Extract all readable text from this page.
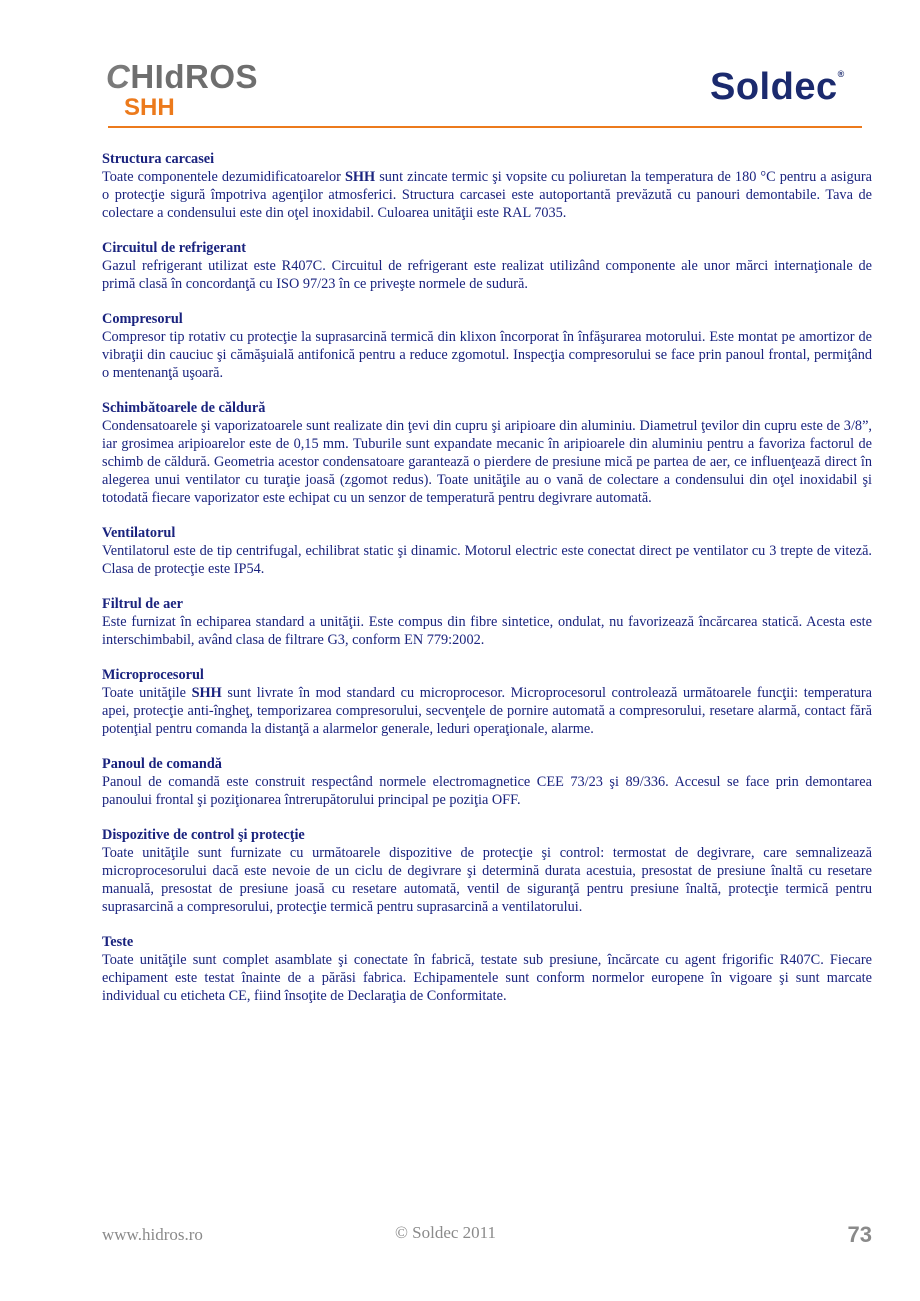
CHIdROS
SHH	Soldec®
Structura carcasei

Toate componentele dezumidificatoarelor SHH sunt zincate termic şi vopsite cu poliuretan la temperatura de 180 °C pentru a asigura o protecţie sigură împotriva agenţilor atmosferici. Structura carcasei este autoportantă prevăzută cu panouri demontabile. Tava de colectare a condensului este din oţel inoxidabil. Culoarea unităţii este RAL 7035.

Circuitul de refrigerant

Gazul refrigerant utilizat este R407C. Circuitul de refrigerant este realizat utilizând componente ale unor mărci internaţionale de primă clasă în concordanţă cu ISO 97/23 în ce priveşte normele de sudură.

Compresorul

Compresor tip rotativ cu protecţie la suprasarcină termică din klixon încorporat în înfăşurarea motorului. Este montat pe amortizor de vibraţii din cauciuc şi cămăşuială antifonică pentru a reduce zgomotul. Inspecţia compresorului se face prin panoul frontal, permiţând o mentenanţă uşoară.

Schimbătoarele de căldură

Condensatoarele şi vaporizatoarele sunt realizate din ţevi din cupru şi aripioare din aluminiu. Diametrul ţevilor din cupru este de 3/8”, iar grosimea aripioarelor este de 0,15 mm. Tuburile sunt expandate mecanic în aripioarele din aluminiu pentru a favoriza factorul de schimb de căldură. Geometria acestor condensatoare garantează o pierdere de presiune mică pe partea de aer, ce influenţează direct în alegerea unui ventilator cu turaţie joasă (zgomot redus). Toate unităţile au o vană de colectare a condensului din oţel inoxidabil şi totodată fiecare vaporizator este echipat cu un senzor de temperatură pentru degivrare automată.

Ventilatorul

Ventilatorul este de tip centrifugal, echilibrat static şi dinamic. Motorul electric este conectat direct pe ventilator cu 3 trepte de viteză. Clasa de protecţie este IP54.

Filtrul de aer

Este furnizat în echiparea standard a unităţii. Este compus din fibre sintetice, ondulat, nu favorizează încărcarea statică. Acesta este interschimbabil, având clasa de filtrare G3, conform EN 779:2002.

Microprocesorul

Toate unităţile SHH sunt livrate în mod standard cu microprocesor. Microprocesorul controlează următoarele funcţii: temperatura apei, protecţie anti-îngheţ, temporizarea compresorului, secvenţele de pornire automată a compresorului, resetare alarmă, contact fără potenţial pentru comanda la distanţă a alarmelor generale, leduri operaţionale, alarme.

Panoul de comandă

Panoul de comandă este construit respectând normele electromagnetice CEE 73/23 şi 89/336. Accesul se face prin demontarea panoului frontal şi poziţionarea întrerupătorului principal pe poziţia OFF.

Dispozitive de control şi protecţie

Toate unităţile sunt furnizate cu următoarele dispozitive de protecţie şi control: termostat de degivrare, care semnalizează microprocesorului dacă este nevoie de un ciclu de degivrare şi determină durata acestuia, presostat de presiune înaltă cu resetare manuală, presostat de presiune joasă cu resetare automată, ventil de siguranţă pentru presiune înaltă, protecţie termică pentru suprasarcină a compresorului, protecţie termică pentru suprasarcină a ventilatorului.

Teste

Toate unităţile sunt complet asamblate şi conectate în fabrică, testate sub presiune, încărcate cu agent frigorific R407C. Fiecare echipament este testat înainte de a părăsi fabrica. Echipamentele sunt conform normelor europene în vigoare şi sunt marcate individual cu eticheta CE, fiind însoţite de Declaraţia de Conformitate.

www.hidros.ro	© Soldec 2011	73
